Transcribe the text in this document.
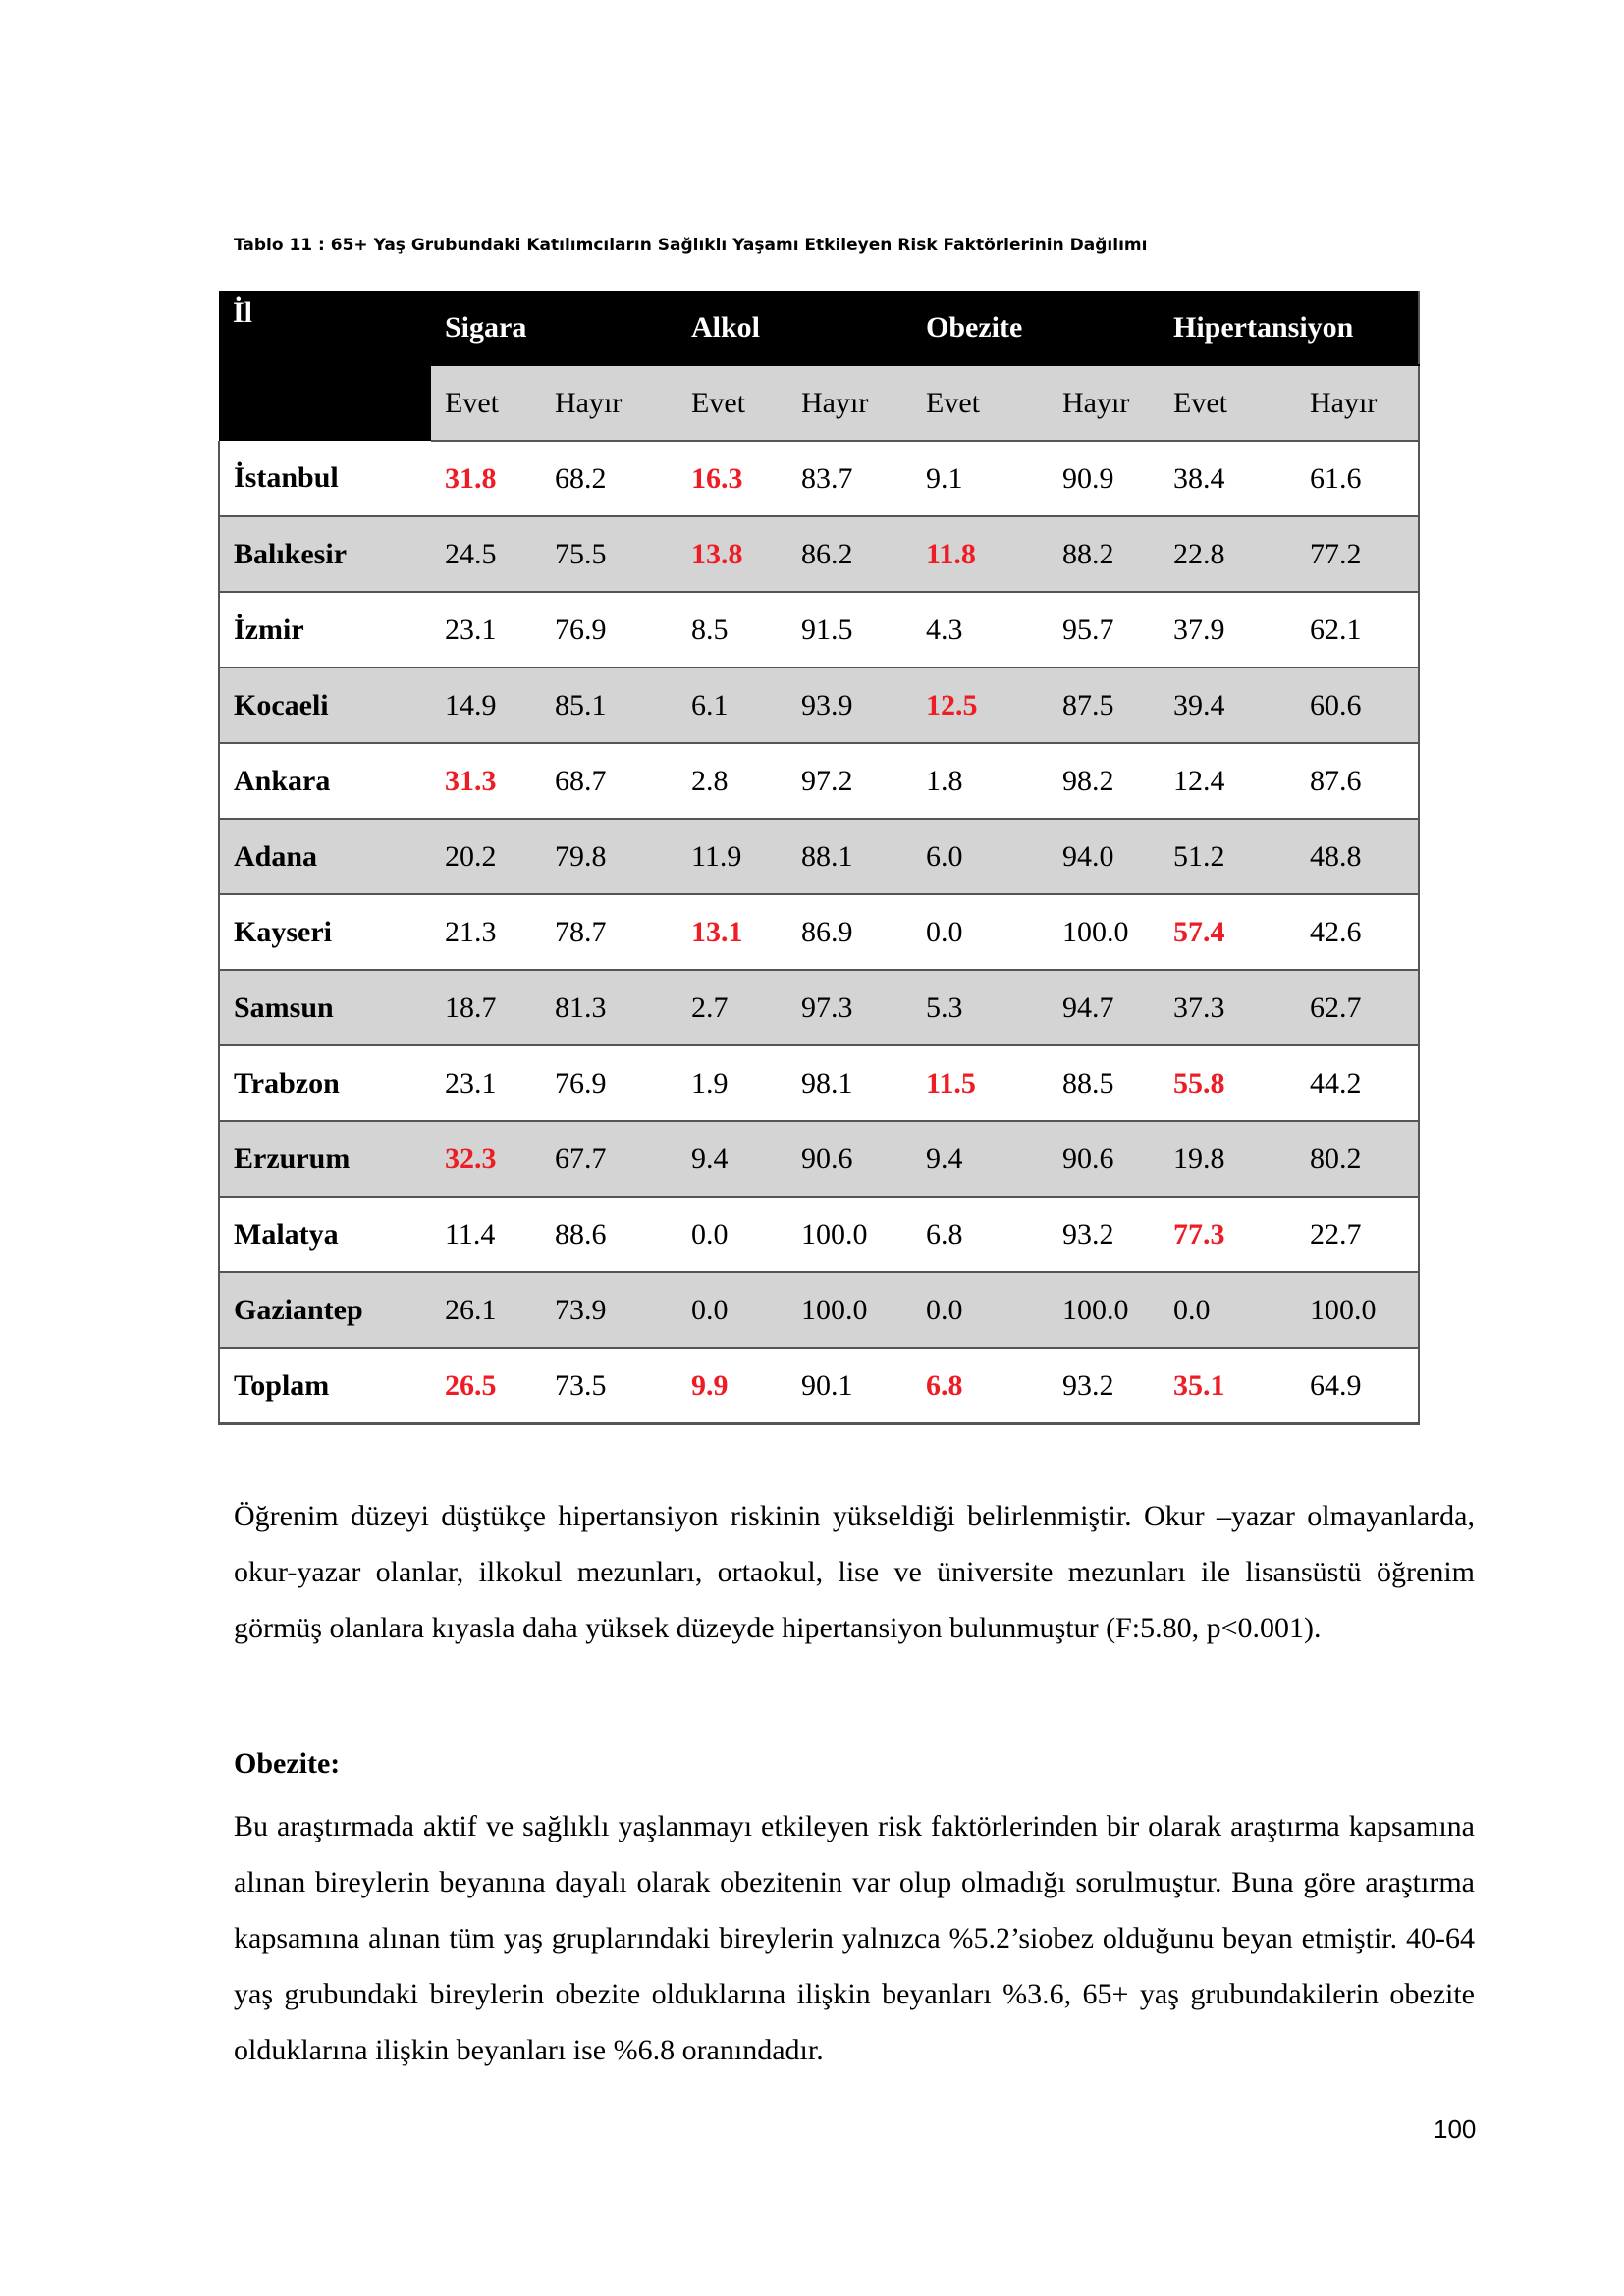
Tablo 11 : 65+ Yaş Grubundaki Katılımcıların Sağlıklı Yaşamı Etkileyen Risk Faktörlerinin Dağılımı
İl	Sigara		Alkol		Obezite		Hipertansiyon	
	Evet	Hayır	Evet	Hayır	Evet	Hayır	Evet	Hayır
İstanbul	31.8	68.2	16.3	83.7	9.1	90.9	38.4	61.6
Balıkesir	24.5	75.5	13.8	86.2	11.8	88.2	22.8	77.2
İzmir	23.1	76.9	8.5	91.5	4.3	95.7	37.9	62.1
Kocaeli	14.9	85.1	6.1	93.9	12.5	87.5	39.4	60.6
Ankara	31.3	68.7	2.8	97.2	1.8	98.2	12.4	87.6
Adana	20.2	79.8	11.9	88.1	6.0	94.0	51.2	48.8
Kayseri	21.3	78.7	13.1	86.9	0.0	100.0	57.4	42.6
Samsun	18.7	81.3	2.7	97.3	5.3	94.7	37.3	62.7
Trabzon	23.1	76.9	1.9	98.1	11.5	88.5	55.8	44.2
Erzurum	32.3	67.7	9.4	90.6	9.4	90.6	19.8	80.2
Malatya	11.4	88.6	0.0	100.0	6.8	93.2	77.3	22.7
Gaziantep	26.1	73.9	0.0	100.0	0.0	100.0	0.0	100.0
Toplam	26.5	73.5	9.9	90.1	6.8	93.2	35.1	64.9

Öğrenim düzeyi düştükçe hipertansiyon riskinin yükseldiği belirlenmiştir. Okur –yazar olmayanlarda, okur-yazar olanlar, ilkokul mezunları, ortaokul, lise ve üniversite mezunları ile lisansüstü öğrenim görmüş olanlara kıyasla daha yüksek düzeyde hipertansiyon bulunmuştur (F:5.80, p<0.001).

Obezite:

Bu araştırmada aktif ve sağlıklı yaşlanmayı etkileyen risk faktörlerinden bir olarak araştırma kapsamına alınan bireylerin beyanına dayalı olarak obezitenin var olup olmadığı sorulmuştur. Buna göre araştırma kapsamına alınan tüm yaş gruplarındaki bireylerin yalnızca %5.2’siobez olduğunu beyan etmiştir. 40-64 yaş grubundaki bireylerin obezite olduklarına ilişkin beyanları %3.6, 65+ yaş grubundakilerin obezite olduklarına ilişkin beyanları ise %6.8 oranındadır.

100
